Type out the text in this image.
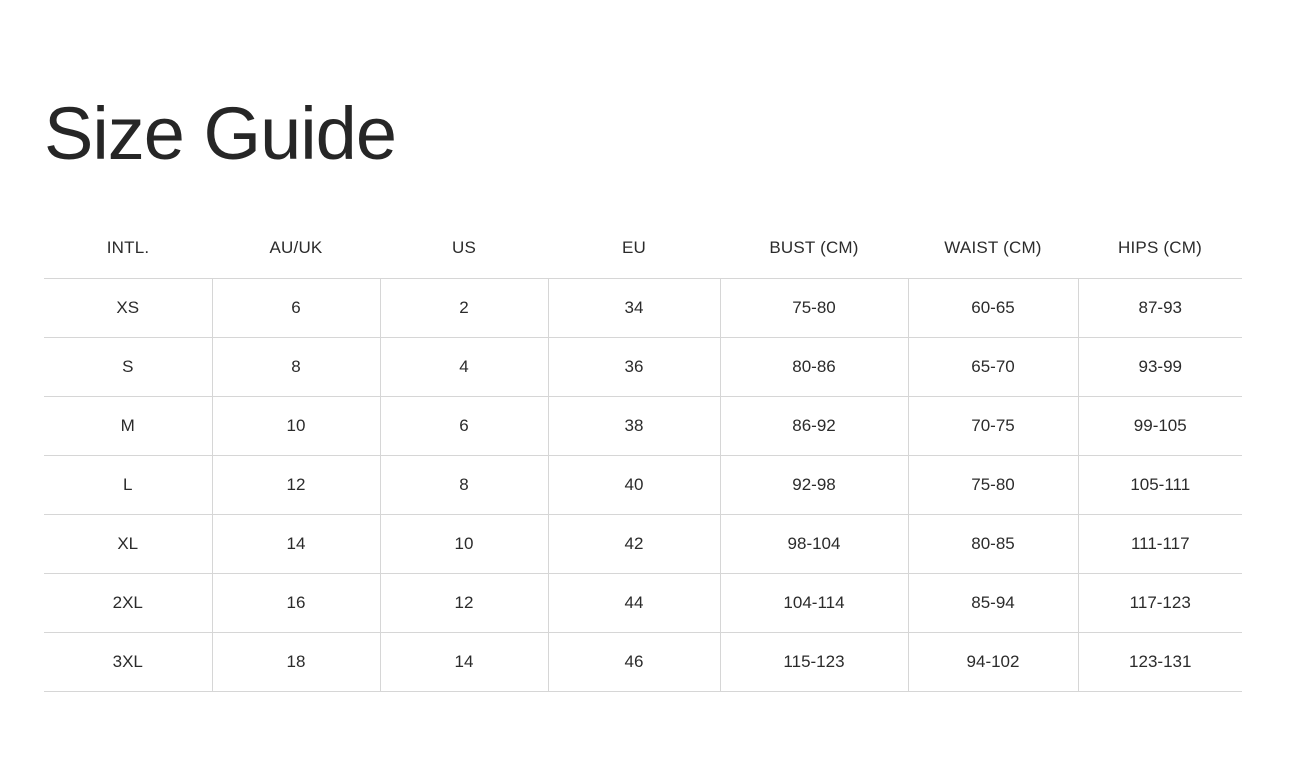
Size Guide
INTL.	AU/UK	US	EU	BUST (CM)	WAIST (CM)	HIPS (CM)
XS	6	2	34	75-80	60-65	87-93
S	8	4	36	80-86	65-70	93-99
M	10	6	38	86-92	70-75	99-105
L	12	8	40	92-98	75-80	105-111
XL	14	10	42	98-104	80-85	111-117
2XL	16	12	44	104-114	85-94	117-123
3XL	18	14	46	115-123	94-102	123-131
